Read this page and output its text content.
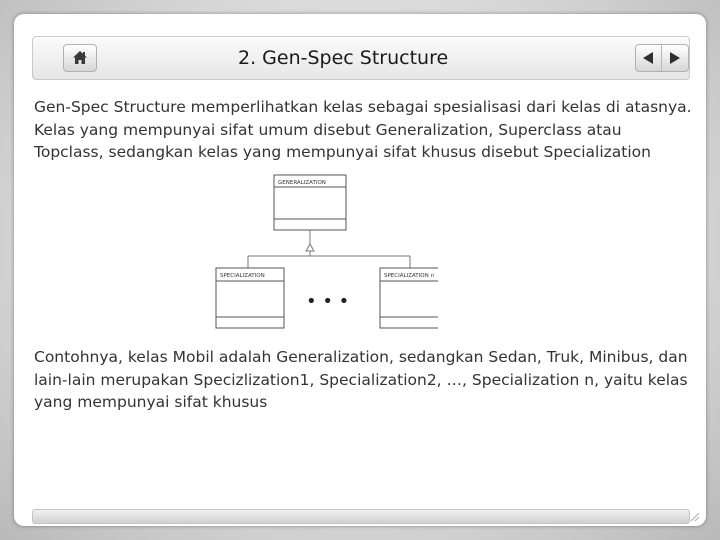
2. Gen-Spec Structure
Gen-Spec Structure memperlihatkan kelas sebagai spesialisasi dari kelas di atasnya. Kelas yang mempunyai sifat umum disebut Generalization, Superclass atau Topclass, sedangkan kelas yang mempunyai sifat khusus disebut Specialization
GENERALIZATION
SPECIALIZATION
• • •
SPECIALIZATION n
Contohnya, kelas Mobil adalah Generalization, sedangkan Sedan, Truk, Minibus, dan lain-lain merupakan Specizlization1, Specialization2, …, Specialization n, yaitu kelas yang mempunyai sifat khusus
